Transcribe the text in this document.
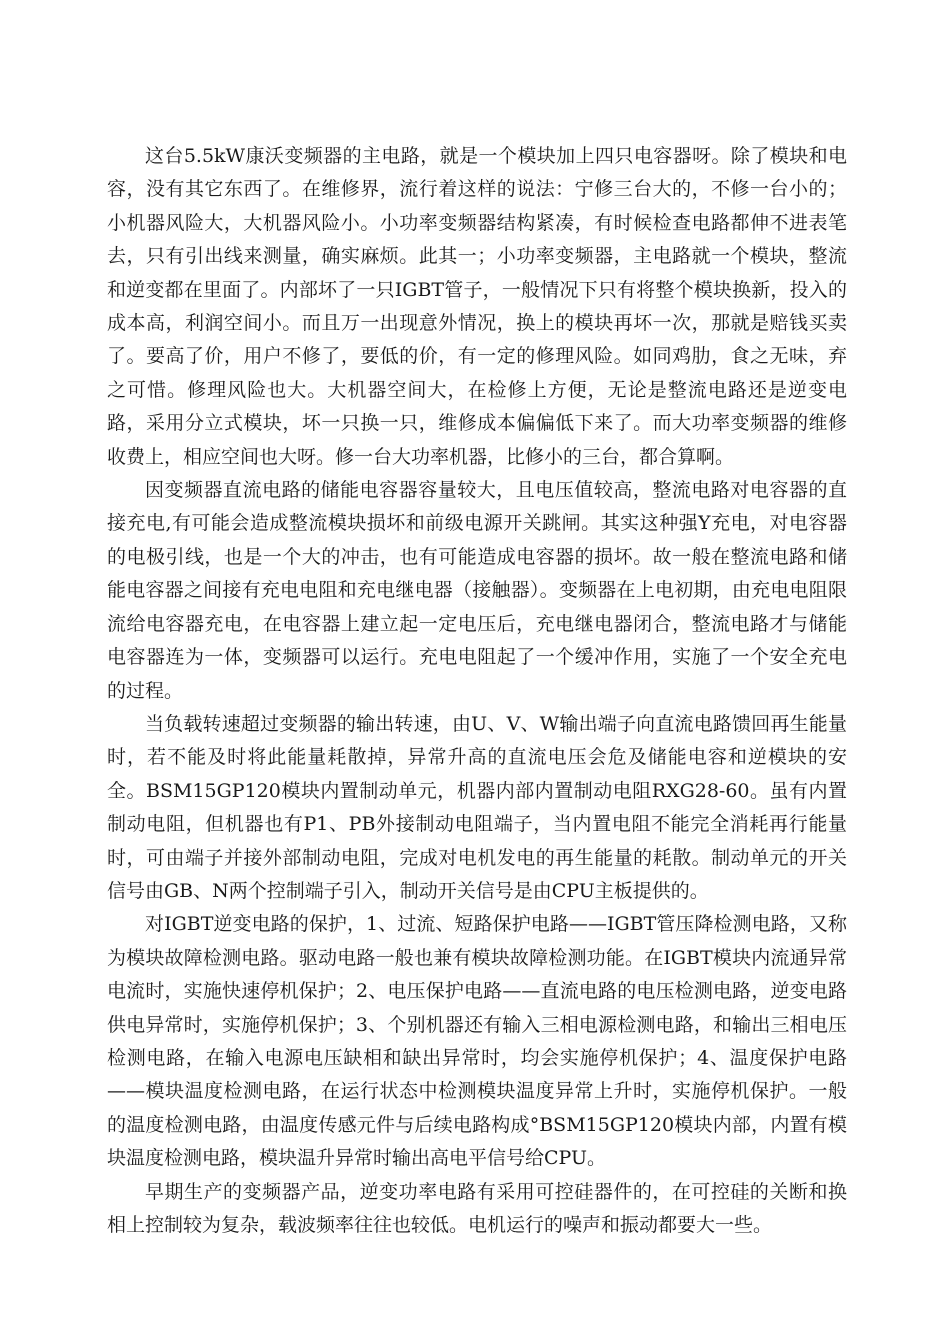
这台5.5kW康沃变频器的主电路，就是一个模块加上四只电容器呀。除了模块和电容，没有其它东西了。在维修界，流行着这样的说法：宁修三台大的，不修一台小的；小机器风险大，大机器风险小。小功率变频器结构紧凑，有时候检查电路都伸不进表笔去，只有引出线来测量，确实麻烦。此其一；小功率变频器，主电路就一个模块，整流和逆变都在里面了。内部坏了一只IGBT管子，一般情况下只有将整个模块换新，投入的成本高，利润空间小。而且万一出现意外情况，换上的模块再坏一次，那就是赔钱买卖了。要高了价，用户不修了，要低的价，有一定的修理风险。如同鸡肋，食之无味，弃之可惜。修理风险也大。大机器空间大，在检修上方便，无论是整流电路还是逆变电路，采用分立式模块，坏一只换一只，维修成本偏偏低下来了。而大功率变频器的维修收费上，相应空间也大呀。修一台大功率机器，比修小的三台，都合算啊。

因变频器直流电路的储能电容器容量较大，且电压值较高，整流电路对电容器的直接充电,有可能会造成整流模块损坏和前级电源开关跳闸。其实这种强Y充电，对电容器的电极引线，也是一个大的冲击，也有可能造成电容器的损坏。故一般在整流电路和储能电容器之间接有充电电阻和充电继电器（接触器）。变频器在上电初期，由充电电阻限流给电容器充电，在电容器上建立起一定电压后，充电继电器闭合，整流电路才与储能电容器连为一体，变频器可以运行。充电电阻起了一个缓冲作用，实施了一个安全充电的过程。

当负载转速超过变频器的输出转速，由U、V、W输出端子向直流电路馈回再生能量时，若不能及时将此能量耗散掉，异常升高的直流电压会危及储能电容和逆模块的安全。BSM15GP120模块内置制动单元，机器内部内置制动电阻RXG28-60。虽有内置制动电阻，但机器也有P1、PB外接制动电阻端子，当内置电阻不能完全消耗再行能量时，可由端子并接外部制动电阻，完成对电机发电的再生能量的耗散。制动单元的开关信号由GB、N两个控制端子引入，制动开关信号是由CPU主板提供的。

对IGBT逆变电路的保护，1、过流、短路保护电路——IGBT管压降检测电路，又称为模块故障检测电路。驱动电路一般也兼有模块故障检测功能。在IGBT模块内流通异常电流时，实施快速停机保护；2、电压保护电路——直流电路的电压检测电路，逆变电路供电异常时，实施停机保护；3、个别机器还有输入三相电源检测电路，和输出三相电压检测电路，在输入电源电压缺相和缺出异常时，均会实施停机保护；4、温度保护电路——模块温度检测电路，在运行状态中检测模块温度异常上升时，实施停机保护。一般的温度检测电路，由温度传感元件与后续电路构成°BSM15GP120模块内部，内置有模块温度检测电路，模块温升异常时输出高电平信号给CPU。

早期生产的变频器产品，逆变功率电路有采用可控硅器件的，在可控硅的关断和换相上控制较为复杂，载波频率往往也较低。电机运行的噪声和振动都要大一些。
